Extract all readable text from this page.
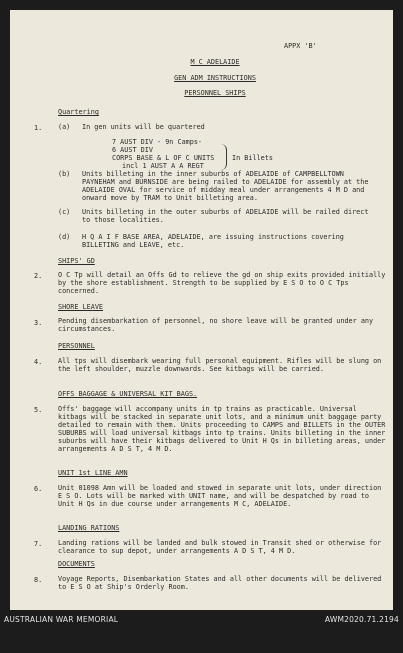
APPX 'B'
M C ADELAIDE
GEN ADM INSTRUCTIONS
PERSONNEL SHIPS
Quartering
1. (a) In gen units will be quartered
7 AUST DIV - 9n Camps-
6 AUST DIV
CORPS BASE & L OF C UNITS
incl 1 AUST A A REGT
In Billets
(b) Units billeting in the inner suburbs of ADELAIDE of CAMPBELLTOWN PAYNEHAM and BURNSIDE are being railed to ADELAIDE for assembly at the ADELAIDE OVAL for service of midday meal under arrangements 4 M D and onward move by TRAM to Unit billeting area.
(c) Units billeting in the outer suburbs of ADELAIDE will be railed direct to those localities.
(d) H Q A I F BASE AREA, ADELAIDE, are issuing instructions covering BILLETING and LEAVE, etc.
SHIPS' GD
2. O C Tp will detail an Offs Gd to relieve the gd on ship exits provided initially by the shore establishment. Strength to be supplied by E S O to O C Tps concerned.
SHORE LEAVE
3. Pending disembarkation of personnel, no shore leave will be granted under any circumstances.
PERSONNEL
4. All tps will disembark wearing full personal equipment. Rifles will be slung on the left shoulder, muzzle downwards. See kitbags will be carried.
OFFS BAGGAGE & UNIVERSAL KIT BAGS.
5. Offs' baggage will accompany units in tp trains as practicable. Universal kitbags will be stacked in separate unit lots, and a minimum unit baggage party detailed to remain with them. Units proceeding to CAMPS and BILLETS in the OUTER SUBURBS will load universal kitbags into tp trains. Units billeting in the inner suburbs will have their kitbags delivered to Unit H Qs in billeting areas, under arrangements A D S T, 4 M D.
UNIT 1st LINE AMN
6. Unit 01098 Amn will be loaded and stowed in separate unit lots, under direction E S O. Lots will be marked with UNIT name, and will be despatched by road to Unit H Qs in due course under arrangements M C, ADELAIDE.
LANDING RATIONS
7. Landing rations will be landed and bulk stowed in Transit shed or otherwise for clearance to sup depot, under arrangements A D S T, 4 M D.
DOCUMENTS
8. Voyage Reports, Disembarkation States and all other documents will be delivered to E S O at Ship's Orderly Room.
AUSTRALIAN WAR MEMORIAL	AWM2020.71.2194
